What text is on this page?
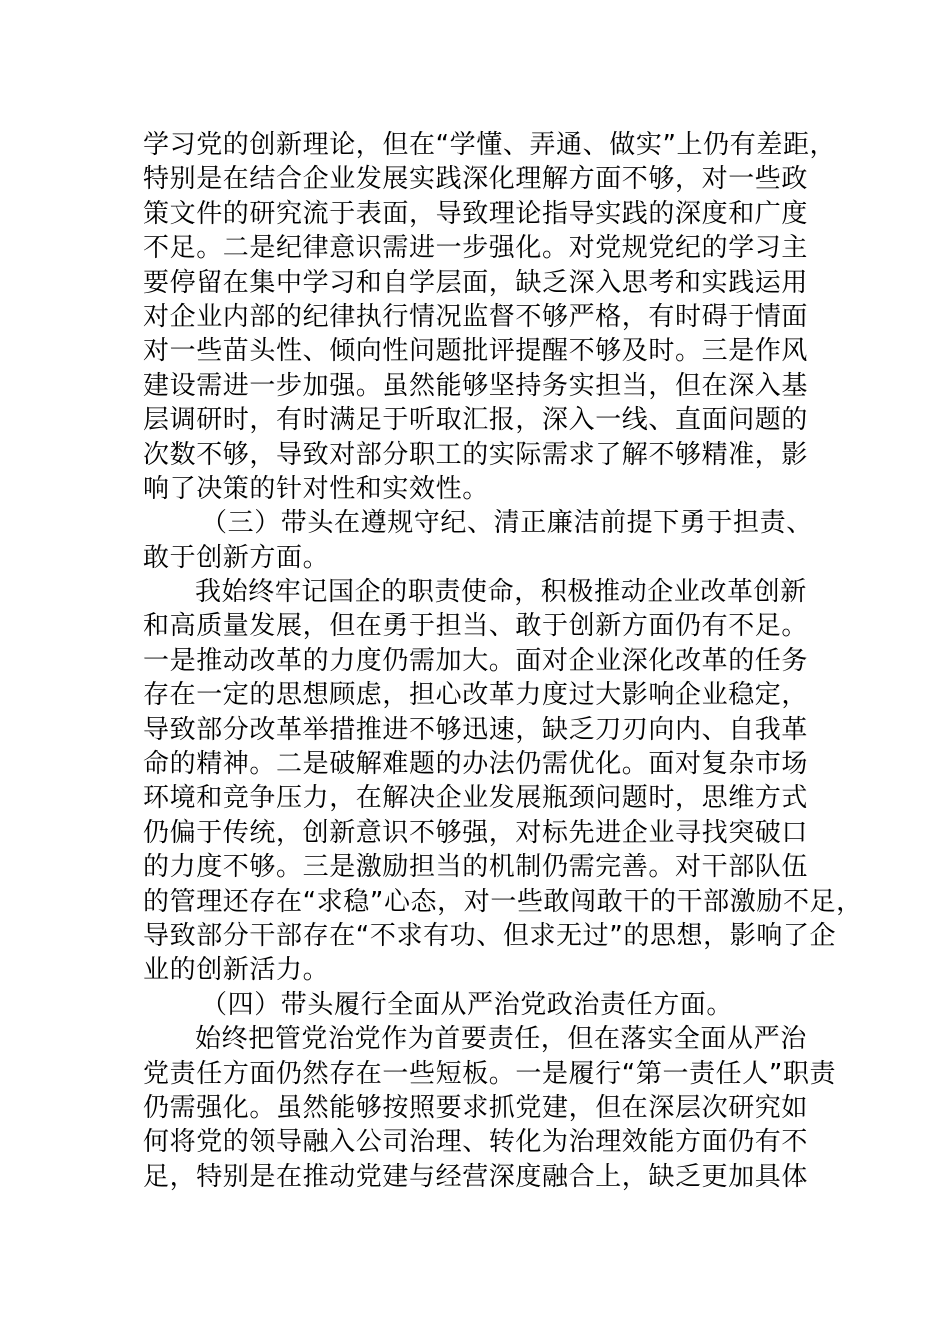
学习党的创新理论，但在“学懂、弄通、做实”上仍有差距，
特别是在结合企业发展实践深化理解方面不够，对一些政
策文件的研究流于表面，导致理论指导实践的深度和广度
不足。二是纪律意识需进一步强化。对党规党纪的学习主
要停留在集中学习和自学层面，缺乏深入思考和实践运用
对企业内部的纪律执行情况监督不够严格，有时碍于情面
对一些苗头性、倾向性问题批评提醒不够及时。三是作风
建设需进一步加强。虽然能够坚持务实担当，但在深入基
层调研时，有时满足于听取汇报，深入一线、直面问题的
次数不够，导致对部分职工的实际需求了解不够精准，影
响了决策的针对性和实效性。
（三）带头在遵规守纪、清正廉洁前提下勇于担责、
敢于创新方面。
我始终牢记国企的职责使命，积极推动企业改革创新
和高质量发展，但在勇于担当、敢于创新方面仍有不足。
一是推动改革的力度仍需加大。面对企业深化改革的任务
存在一定的思想顾虑，担心改革力度过大影响企业稳定，
导致部分改革举措推进不够迅速，缺乏刀刃向内、自我革
命的精神。二是破解难题的办法仍需优化。面对复杂市场
环境和竞争压力，在解决企业发展瓶颈问题时，思维方式
仍偏于传统，创新意识不够强，对标先进企业寻找突破口
的力度不够。三是激励担当的机制仍需完善。对干部队伍
的管理还存在“求稳”心态，对一些敢闯敢干的干部激励不足，
导致部分干部存在“不求有功、但求无过”的思想，影响了企
业的创新活力。
（四）带头履行全面从严治党政治责任方面。
始终把管党治党作为首要责任，但在落实全面从严治
党责任方面仍然存在一些短板。一是履行“第一责任人”职责
仍需强化。虽然能够按照要求抓党建，但在深层次研究如
何将党的领导融入公司治理、转化为治理效能方面仍有不
足，特别是在推动党建与经营深度融合上，缺乏更加具体
